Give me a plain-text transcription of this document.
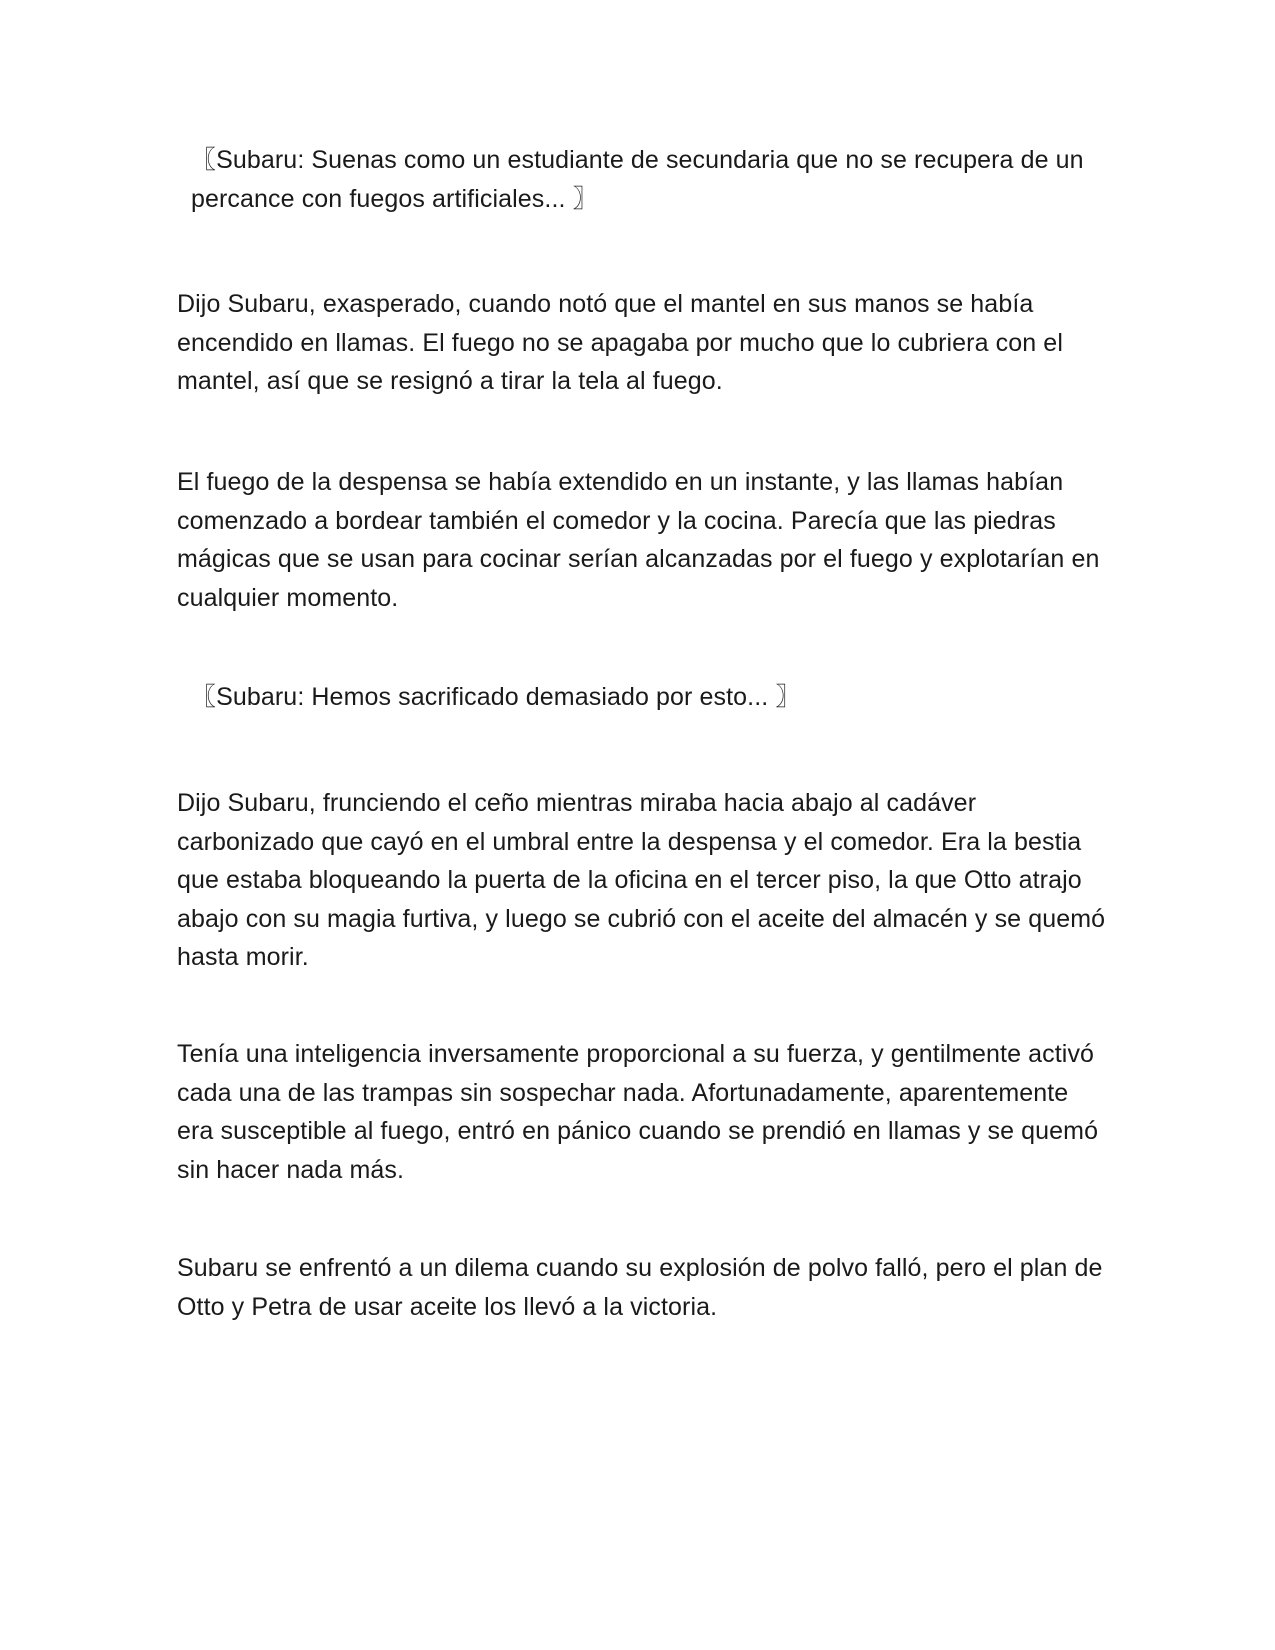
〖Subaru: Suenas como un estudiante de secundaria que no se recupera de un percance con fuegos artificiales... 〗

Dijo Subaru, exasperado, cuando notó que el mantel en sus manos se había encendido en llamas. El fuego no se apagaba por mucho que lo cubriera con el mantel, así que se resignó a tirar la tela al fuego.

El fuego de la despensa se había extendido en un instante, y las llamas habían comenzado a bordear también el comedor y la cocina. Parecía que las piedras mágicas que se usan para cocinar serían alcanzadas por el fuego y explotarían en cualquier momento.

〖Subaru: Hemos sacrificado demasiado por esto... 〗

Dijo Subaru, frunciendo el ceño mientras miraba hacia abajo al cadáver carbonizado que cayó en el umbral entre la despensa y el comedor. Era la bestia que estaba bloqueando la puerta de la oficina en el tercer piso, la que Otto atrajo abajo con su magia furtiva, y luego se cubrió con el aceite del almacén y se quemó hasta morir.

Tenía una inteligencia inversamente proporcional a su fuerza, y gentilmente activó cada una de las trampas sin sospechar nada. Afortunadamente, aparentemente era susceptible al fuego, entró en pánico cuando se prendió en llamas y se quemó sin hacer nada más.

Subaru se enfrentó a un dilema cuando su explosión de polvo falló, pero el plan de Otto y Petra de usar aceite los llevó a la victoria.
